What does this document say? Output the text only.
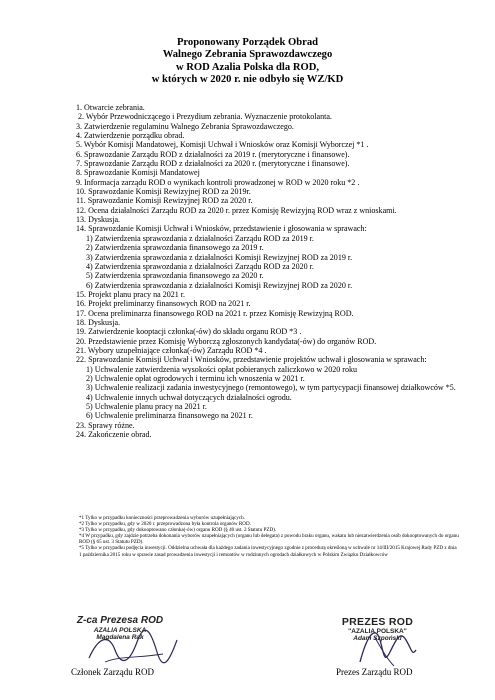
Proponowany Porządek Obrad
Walnego Zebrania Sprawozdawczego
w ROD Azalia Polska dla ROD,
w których w 2020 r. nie odbyło się WZ/KD
1. Otwarcie zebrania.
2. Wybór Przewodniczącego i Prezydium zebrania. Wyznaczenie protokolanta.
3. Zatwierdzenie regulaminu Walnego Zebrania Sprawozdawczego.
4. Zatwierdzenie porządku obrad.
5. Wybór Komisji Mandatowej, Komisji Uchwał i Wniosków oraz Komisji Wyborczej *1 .
6. Sprawozdanie Zarządu ROD z działalności za 2019 r. (merytoryczne i finansowe).
7. Sprawozdanie Zarządu ROD z działalności za 2020 r. (merytoryczne i finansowe).
8. Sprawozdanie Komisji Mandatowej
9. Informacja zarządu ROD o wynikach kontroli prowadzonej w ROD w 2020 roku *2 .
10. Sprawozdanie Komisji Rewizyjnej ROD za 2019r.
11. Sprawozdanie Komisji Rewizyjnej ROD za 2020 r.
12. Ocena działalności Zarządu ROD za 2020 r. przez Komisję Rewizyjną ROD wraz z wnioskami.
13. Dyskusja.
14. Sprawozdanie Komisji Uchwał i Wniosków, przedstawienie i głosowania w sprawach:
1) Zatwierdzenia sprawozdania z działalności Zarządu ROD za 2019 r.
2) Zatwierdzenia sprawozdania finansowego za 2019 r.
3) Zatwierdzenia sprawozdania z działalności Komisji Rewizyjnej ROD za 2019 r.
4) Zatwierdzenia sprawozdania z działalności Zarządu ROD za 2020 r.
5) Zatwierdzenia sprawozdania finansowego za 2020 r.
6) Zatwierdzenia sprawozdania z działalności Komisji Rewizyjnej ROD za 2020 r.
15. Projekt planu pracy na 2021 r.
16. Projekt preliminarzy finansowych ROD na 2021 r.
17. Ocena preliminarza finansowego ROD na 2021 r. przez Komisję Rewizyjną ROD.
18. Dyskusja.
19. Zatwierdzenie kooptacji członka(-ów) do składu organu ROD *3 .
20. Przedstawienie przez Komisję Wyborczą zgłoszonych kandydata(-ów) do organów ROD.
21. Wybory uzupełniające członka(-ów) Zarządu ROD *4 .
22. Sprawozdanie Komisji Uchwał i Wniosków, przedstawienie projektów uchwał i głosowania w sprawach:
1) Uchwalenie zatwierdzenia wysokości opłat pobieranych zaliczkowo w 2020 roku
2) Uchwalenie opłat ogrodowych i terminu ich wnoszenia w 2021 r.
3) Uchwalenie realizacji zadania inwestycyjnego (remontowego), w tym partycypacji finansowej działkowców *5.
4) Uchwalenie innych uchwał dotyczących działalności ogrodu.
5) Uchwalenie planu pracy na 2021 r.
6) Uchwalenie preliminarza finansowego na 2021 r.
23. Sprawy różne.
24. Zakończenie obrad.

*1 Tylko w przypadku konieczności przeprowadzenia wyborów uzupełniających.

*2 Tylko w przypadku, gdy w 2020 r. przeprowadzona była kontrola organów ROD.

*3 Tylko w przypadku, gdy dokooptowano członka(-ów) organu ROD (§ 40 ust. 2 Statutu PZD).

*4 W przypadku, gdy zajdzie potrzeba dokonania wyborów uzupełniających (organu lub delegata) z powodu braku organu, wakatu lub niezatwierdzenia osób dokooptowanych do organu ROD (§ 65 ust. 3 Statutu PZD).

*5 Tylko w przypadku podjęcia inwestycji. Oddzielna uchwała dla każdego zadania inwestycyjnego zgodnie z procedurą określoną w uchwale nr 14/III/2015 Krajowej Rady PZD z dnia 1 października 2015 roku w sprawie zasad prowadzenia inwestycji i remontów w rodzinnych ogrodach działkowych w Polskim Związku Działkowców

Z-ca Prezesa ROD
AZALIA POLSKA
Magdalena Rak
Członek Zarządu ROD
PREZES ROD
"AZALIA POLSKA"
Adam Szpoński
Prezes Zarządu ROD
